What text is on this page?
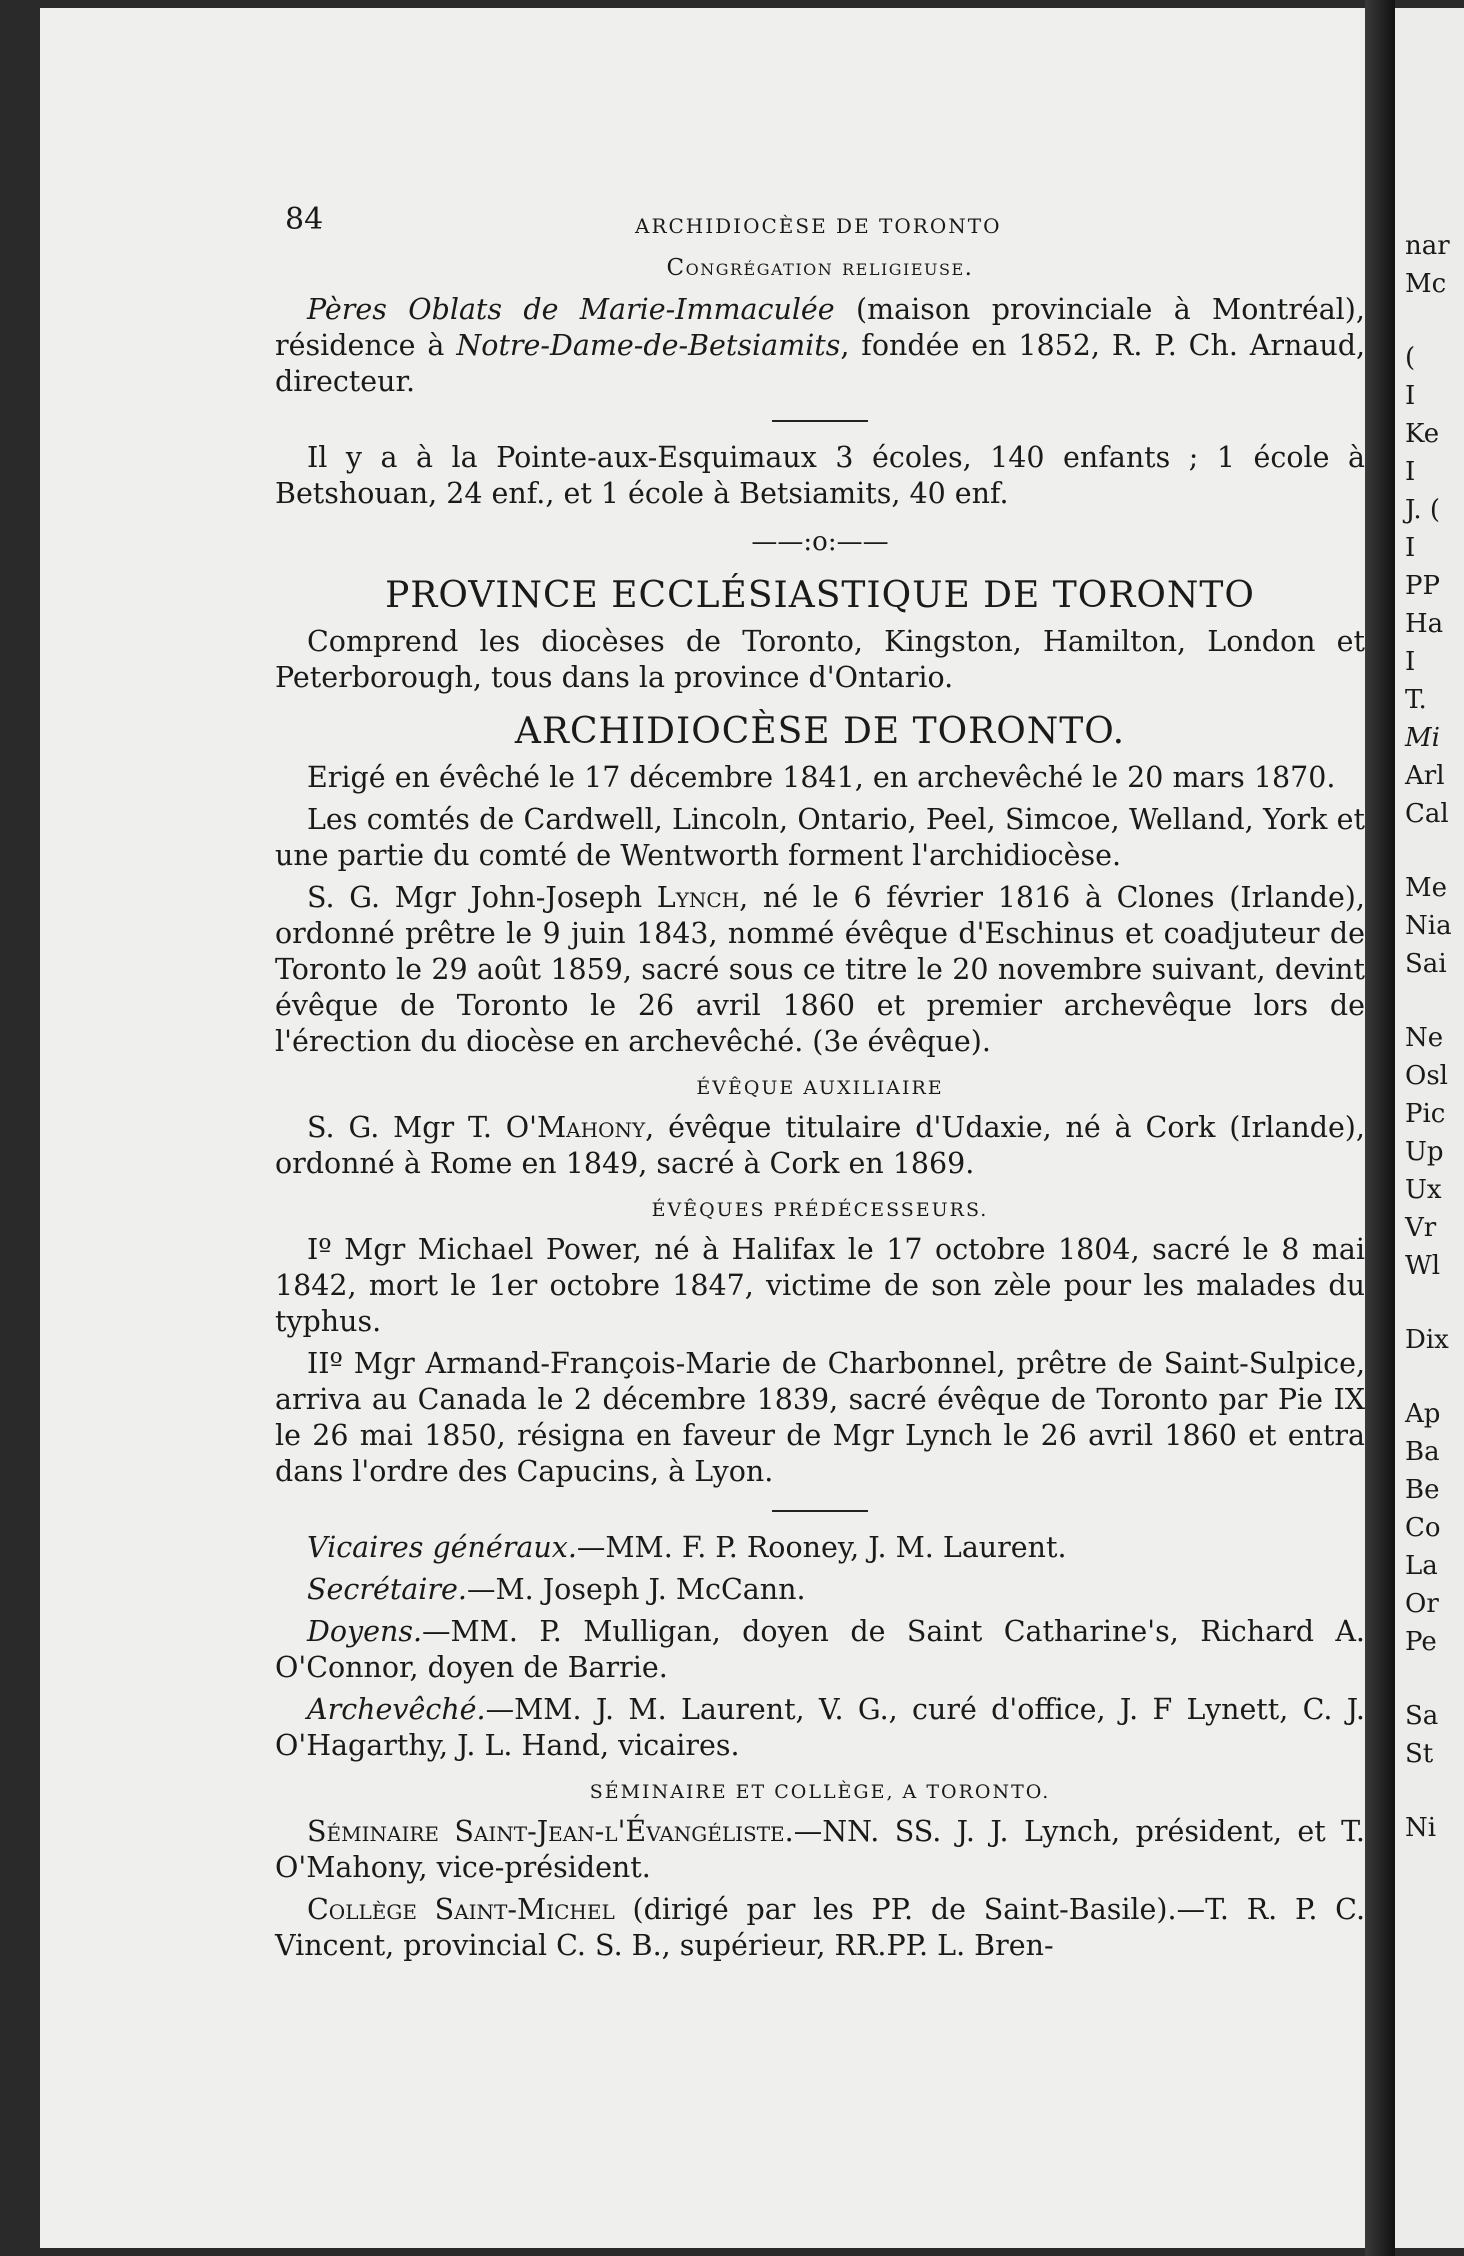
84	ARCHIDIOCÈSE DE TORONTO
Congrégation religieuse.

Pères Oblats de Marie-Immaculée (maison provinciale à Montréal), résidence à Notre-Dame-de-Betsiamits, fondée en 1852, R. P. Ch. Arnaud, directeur.

Il y a à la Pointe-aux-Esquimaux 3 écoles, 140 enfants ; 1 école à Betshouan, 24 enf., et 1 école à Betsiamits, 40 enf.

——:o:——
PROVINCE ECCLÉSIASTIQUE DE TORONTO

Comprend les diocèses de Toronto, Kingston, Hamilton, London et Peterborough, tous dans la province d'Ontario.

ARCHIDIOCÈSE DE TORONTO.

Erigé en évêché le 17 décembre 1841, en archevêché le 20 mars 1870.

Les comtés de Cardwell, Lincoln, Ontario, Peel, Simcoe, Welland, York et une partie du comté de Wentworth forment l'archidiocèse.

S. G. Mgr John-Joseph Lynch, né le 6 février 1816 à Clones (Irlande), ordonné prêtre le 9 juin 1843, nommé évêque d'Eschinus et coadjuteur de Toronto le 29 août 1859, sacré sous ce titre le 20 novembre suivant, devint évêque de Toronto le 26 avril 1860 et premier archevêque lors de l'érection du diocèse en archevêché. (3e évêque).

ÉVÊQUE AUXILIAIRE

S. G. Mgr T. O'Mahony, évêque titulaire d'Udaxie, né à Cork (Irlande), ordonné à Rome en 1849, sacré à Cork en 1869.

ÉVÊQUES PRÉDÉCESSEURS.

Iº Mgr Michael Power, né à Halifax le 17 octobre 1804, sacré le 8 mai 1842, mort le 1er octobre 1847, victime de son zèle pour les malades du typhus.

IIº Mgr Armand-François-Marie de Charbonnel, prêtre de Saint-Sulpice, arriva au Canada le 2 décembre 1839, sacré évêque de Toronto par Pie IX le 26 mai 1850, résigna en faveur de Mgr Lynch le 26 avril 1860 et entra dans l'ordre des Capucins, à Lyon.

Vicaires généraux.—MM. F. P. Rooney, J. M. Laurent.

Secrétaire.—M. Joseph J. McCann.

Doyens.—MM. P. Mulligan, doyen de Saint Catharine's, Richard A. O'Connor, doyen de Barrie.

Archevêché.—MM. J. M. Laurent, V. G., curé d'office, J. F Lynett, C. J. O'Hagarthy, J. L. Hand, vicaires.

SÉMINAIRE ET COLLÈGE, A TORONTO.

Séminaire Saint-Jean-l'Évangéliste.—NN. SS. J. J. Lynch, président, et T. O'Mahony, vice-président.

Collège Saint-Michel (dirigé par les PP. de Saint-Basile).—T. R. P. C. Vincent, provincial C. S. B., supérieur, RR.PP. L. Bren-

nar
Mc
(
I
Ke
I
J. (
I
PP
Ha
I
T.
Mi
Arl
Cal
Me
Nia
Sai
Ne
Osl
Pic
Up
Ux
Vr
Wl
Dix
Ap
Ba
Be
Co
La
Or
Pe
Sa
St
Ni
